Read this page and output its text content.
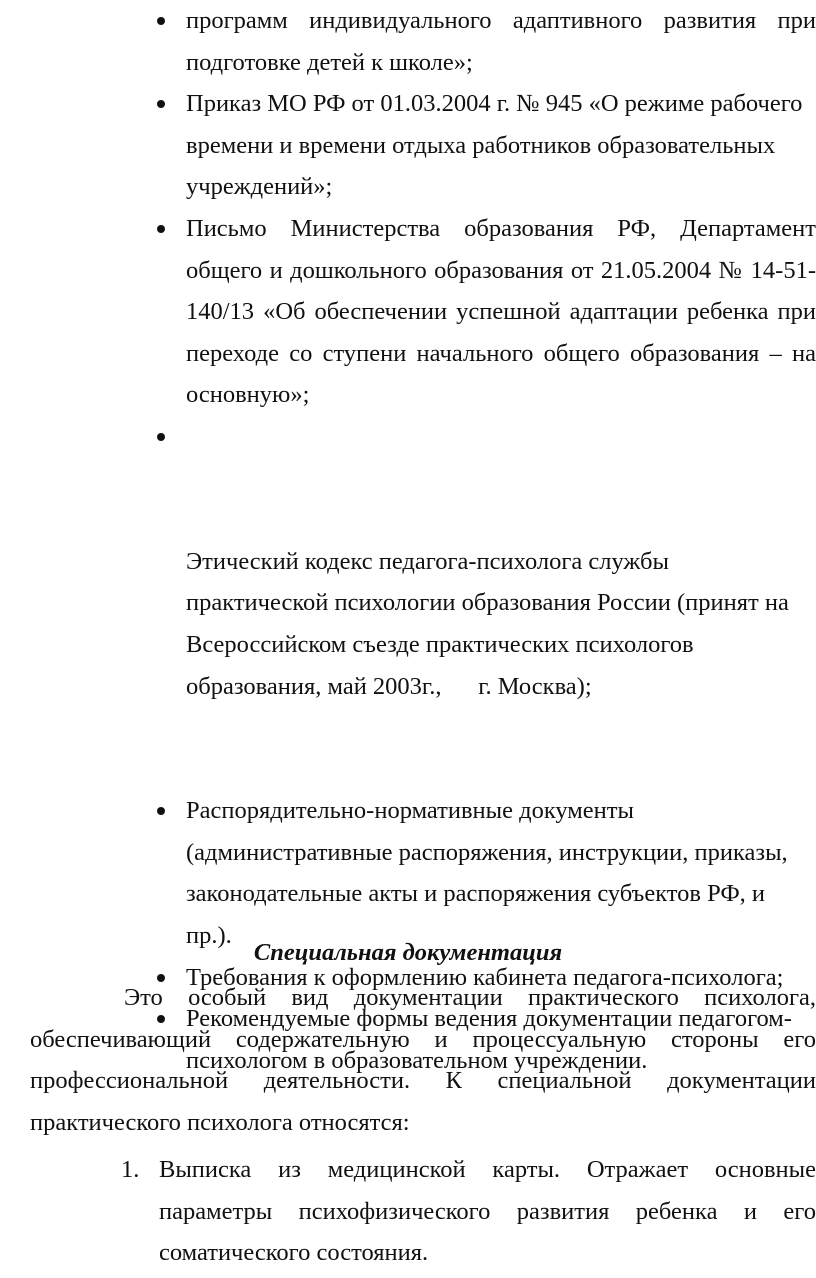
программ индивидуального адаптивного развития при подготовке детей к школе»;
Приказ МО РФ от 01.03.2004 г. № 945 «О режиме рабочего времени и времени отдыха работников образовательных учреждений»;
Письмо Министерства образования РФ, Департамент общего и дошкольного образования от 21.05.2004 № 14-51-140/13 «Об обеспечении успешной адаптации ребенка при переходе со ступени начального общего образования – на основную»;

Этический кодекс педагога-психолога службы практической психологии образования России (принят на Всероссийском съезде практических психологов образования, май 2003г.,      г. Москва);

Распорядительно-нормативные документы (административные распоряжения, инструкции, приказы, законодательные акты и распоряжения субъектов РФ, и пр.).
Требования к оформлению кабинета педагога-психолога;
Рекомендуемые формы ведения документации педагогом-психологом в образовательном учреждении.
Специальная документация

Это особый вид документации практического психолога, обеспечивающий содержательную и процессуальную стороны его профессиональной деятельности. К специальной документации практического психолога относятся:

1. Выписка из медицинской карты. Отражает основные параметры психофизического развития ребенка и его соматического состояния.
